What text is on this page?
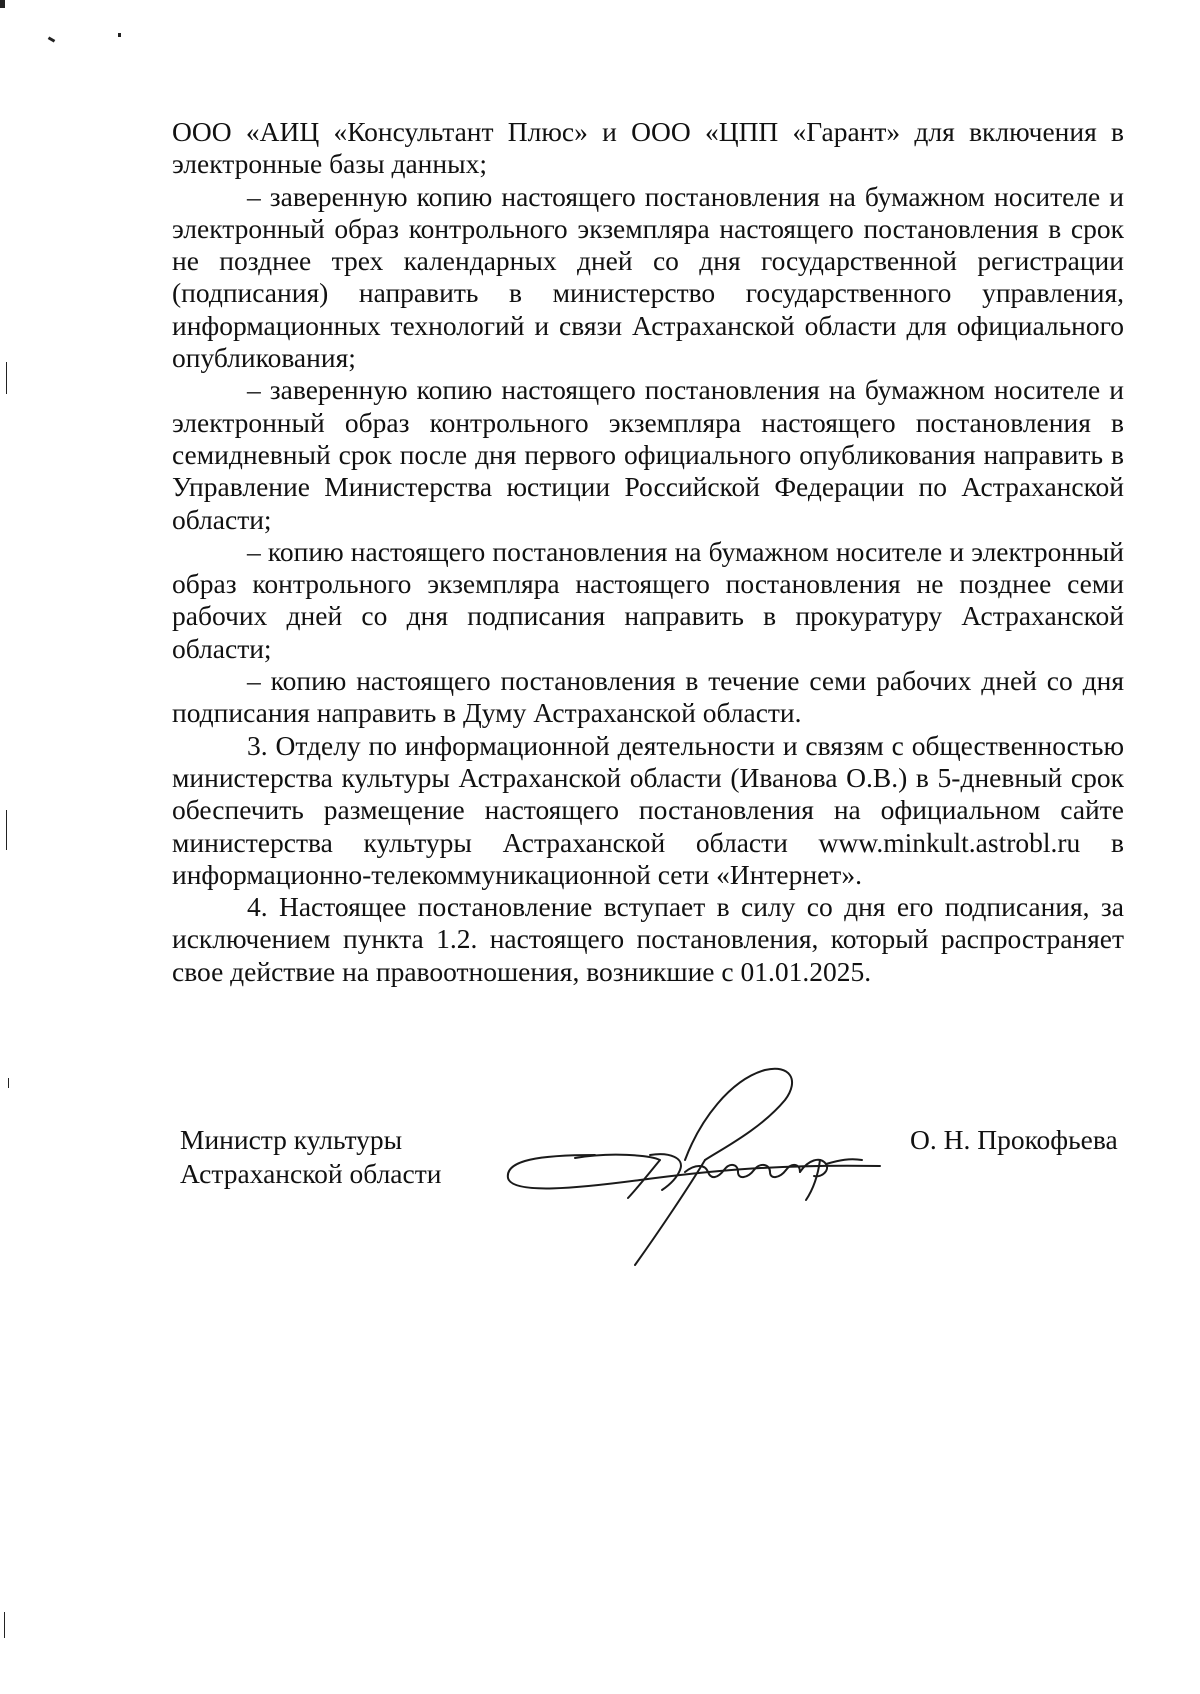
ООО «АИЦ «Консультант Плюс» и ООО «ЦПП «Гарант» для включения в электронные базы данных;

– заверенную копию настоящего постановления на бумажном носителе и электронный образ контрольного экземпляра настоящего постановления в срок не позднее трех календарных дней со дня государственной регистрации (подписания) направить в министерство государственного управления, информационных технологий и связи Астраханской области для официального опубликования;

– заверенную копию настоящего постановления на бумажном носителе и электронный образ контрольного экземпляра настоящего постановления в семидневный срок после дня первого официального опубликования направить в Управление Министерства юстиции Российской Федерации по Астраханской области;

– копию настоящего постановления на бумажном носителе и электронный образ контрольного экземпляра настоящего постановления не позднее семи рабочих дней со дня подписания направить в прокуратуру Астраханской области;

– копию настоящего постановления в течение семи рабочих дней со дня подписания направить в Думу Астраханской области.

3. Отделу по информационной деятельности и связям с общественностью министерства культуры Астраханской области (Иванова О.В.) в 5-дневный срок обеспечить размещение настоящего постановления на официальном сайте министерства культуры Астраханской области www.minkult.astrobl.ru в информационно-телекоммуникационной сети «Интернет».

4. Настоящее постановление вступает в силу со дня его подписания, за исключением пункта 1.2. настоящего постановления, который распространяет свое действие на правоотношения, возникшие с 01.01.2025.

Министр культуры
Астраханской области
О. Н. Прокофьева
